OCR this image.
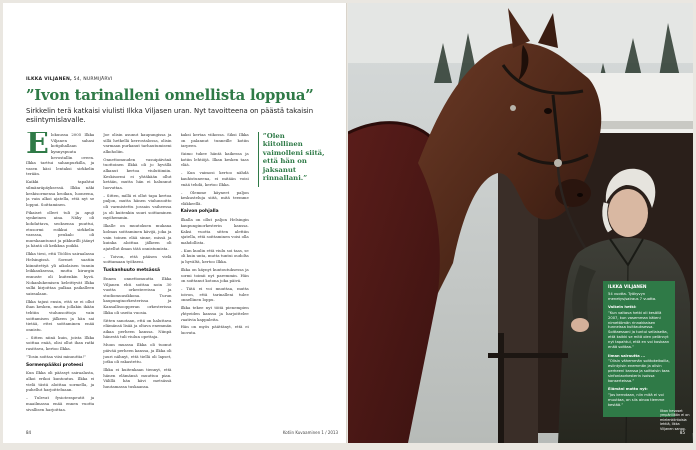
ILKKA VILJANEN, 54, NURMIJÄRVI
”Ivon tarinalleni onnellista loppua”

Sirkkelin terä katkaisi viulisti Ilkka Viljasen uran. Nyt tavoitteena on päästä takaisin esiintymislavalle.

E lokuussa 2005 Ilkka Viljanen sahasi kotipihallaan kynnyspuuta hevostallin oveen. Ilkka tarttui sahanpurkilla, ja vasen käsi lentaksi sirkkelin terään.

Kaikki tapahtui silmänräpäyksessä. Ilkka näki keskisormensa kroikan, luoneena, ja vain alkoi ajatella, että nyt se loppui. Soittaminen.

Pikaiset olleet tuli ja apuji synkeinen aina. Näky oli kohdattava, seoksensa puuttui, etusormi roikkui sirkkelin varassa, peukalo oli murskaantunut ja pikkurilli jäänyt ja häntä oli keikkua poikki.

Ilkka tiesi, että Töölön sairaalassa Helsingissä. Sormet saatiin kiinnitettyä yli aikolaisen tunnin leikkauksessa, mutta kirurgin ennuste oli kuitenkin hyvä. Nokanlukemisen keleittyvät Ilkka sulki kirjoittaa palkaa paikalleen sairaalaan.

Ilkka tajusi ensin, että se ei ollut ihan kesken, mutta jollakin ikään tehtiin viulunsoittoja vain soittamisen jälkeen ja hän sai tietää, ettei soittaminen enää onnistu.

– Sitten niinä kuin, joista Ilkka soittaa enää, olisi ollut ihan ratki rasittava, kertoo Ilkka.

”Tosin soittaa viisi minuuttia!”

Sormenpääksi proteesi

Kun Ilkka oli päässyt sairaalasta, alkoi erikoi kuntoutus. Ilkka ei vielä tästä aloittaa sormella, ja puhellut harjoitteluaan.

– Tulevat fysioterapeutit ja maailmassa enää ennen vuotta sivallisen harjoittaa.

Joe olisin asunut kaupungissa ja sillä hetkellä kerrostalossa, olisin varmaan purkanut tarhautumiseni alkoholiin.

Onnettomuuden vasuipäivänä tuottoinen Ilkkä oli jo hyvällä alkanut kertoa viulutiimiin. Keskisormi ei yhtäkään ollut ketään, mutta hän ei halunnut luovuttaa.

– Sitten, millä ei ollut tapa kertoa paljon, mutta hänen viulunsoitto oli varmistettu jossain vaiheessa ja oli kuitenkin suuri soittaminen myöhemmin.

Ilkalle on muutoksen mukana kolmas soittaminen kävijä, joka ja vain toinen elää sinne, missä ja kuinka aloittaa jälkeen oli ajatellut ilman tätä onnistumista.

– Toivon, että pääsen vielä soittamaan työkseni.

Tuskanhuuto metsässä

Ennen onnettomuutta Ilkka Viljanen ehti soittaa noin 30 vuotta orkestereissa ja studiomuusikkona. Turun kaupunginorkesterissa ja Kansallisoopperan orkesterissa Ilkka oli useita vuosia.

Sitten sanotaan, että on haluttava elämänsä lisää ja oltava enemmän aikaa perheen kanssa. Niinpä hänestä tuli viulun opettaja.

Muun muassa Ilkka oli tuonut päivää perheen kanssa, ja Ilkka oli juuri nähnyt, että tiellä oli lapset, jotka oli rakastettu.

Ilkka ei kuitenkaan tiennyt, että hänen elämänsä muuttuu pian. Välillä hän kävi metsässä huutamassa tuskaansa.

kaksi kertaa viikossa. Siksi Ilkka on palannut tunneille kotiin tarpeen.

Vaimo tukee häntä kaikessa ja kotiin lehtiöjä. Ilkan kesken taas elää.

– Kun vaimosi kertoo nähdä kauhistuneena, ei mitään voisi enää tehdä, kertoo Ilkka.

– Olemme käyneet paljon keskusteluja siitä, mitä teemme eläkkeellä.

Kaivon pohjalla

Ilkalla on ollut paljon Helsingin kaupunginorkesterin kanssa. Kaksi vuotta sitten alettiin ajatella, että soittaminen voisi olla mahdollista.

– Kun kuulin että viulu soi taas, se oli kuin unta, mutta tuntui oudolta ja hyvältä, kertoo Ilkka.

Ilkka on käynyt kuntoutuksessa ja sormi toimii nyt paremmin. Hän on soittanut kotona joka päivä.

– Tätä ei voi muuttaa, mutta toivon, että tarinalleni tulee onnellinen loppu.

Ilkka tekee nyt töitä pienempien yhtyeiden kanssa ja harjoittelee vaativia kappaleita.

Hän on myös päättänyt, että ei luovuta.

”Olen kiitollinen vaimolleni siitä, että hän on jaksanut rinnallani.”
84	Kotiin Kuvaaminen 1 / 2013

ILKKA VILJANEN

54 vuotta. Työkyvyn menetys/sairaus 7 vuotta.

Vaikein hetki:

”Kun valtava hetki oli kesällä 2007, kun vasemman käteni nimettömän rinnakkaisen tunneissa kuittauksessa. Soittaessani ja tuntui sellaiselta, että kaikki se mitä olen pelännyt nyt tapahtui, että en voi koskaan enää soittaa.”

Ilman sairautta ...

”Olisin vähemmän soittokeikoilla, esiintyisin enemmän ja olisin perheeni kanssa ja soittaisin taas sinfoniaorkesterin isoissa konserteissa.”

Elämäni motto nyt:

”Jos kerrotaan, niin mitä ei voi muuttaa, on siis ainoa tiemme kestää.”

Ilkan hevoset ympärillään ei on mielenkiintoisia lehtiä, Ilkka Viljanen sanoo.
85
